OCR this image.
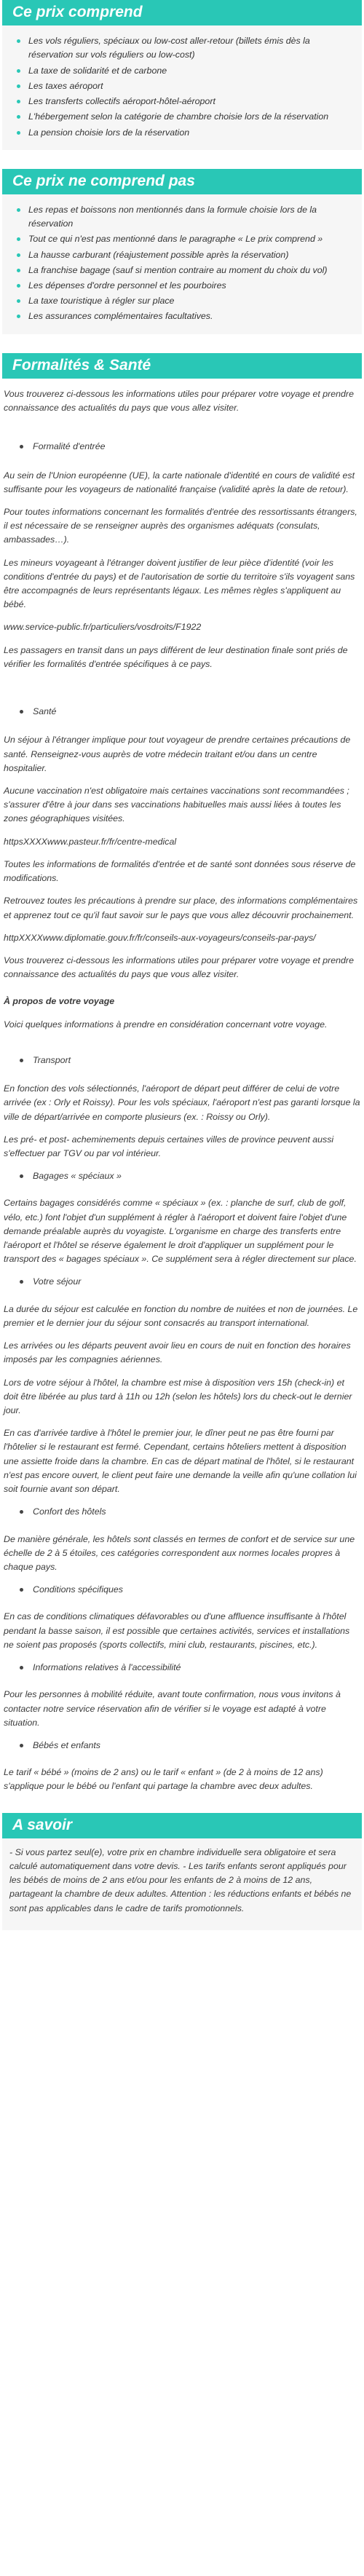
Ce prix comprend
Les vols réguliers, spéciaux ou low-cost aller-retour (billets émis dès la réservation sur vols réguliers ou low-cost)
La taxe de solidarité et de carbone
Les taxes aéroport
Les transferts collectifs aéroport-hôtel-aéroport
L'hébergement selon la catégorie de chambre choisie lors de la réservation
La pension choisie lors de la réservation
Ce prix ne comprend pas
Les repas et boissons non mentionnés dans la formule choisie lors de la réservation
Tout ce qui n'est pas mentionné dans le paragraphe « Le prix comprend »
La hausse carburant (réajustement possible après la réservation)
La franchise bagage (sauf si mention contraire au moment du choix du vol)
Les dépenses d'ordre personnel et les pourboires
La taxe touristique à régler sur place
Les assurances complémentaires facultatives.
Formalités & Santé

Vous trouverez ci-dessous les informations utiles pour préparer votre voyage et prendre connaissance des actualités du pays que vous allez visiter.

Formalité d'entrée

Au sein de l'Union européenne (UE), la carte nationale d'identité en cours de validité est suffisante pour les voyageurs de nationalité française (validité après la date de retour).

Pour toutes informations concernant les formalités d'entrée des ressortissants étrangers, il est nécessaire de se renseigner auprès des organismes adéquats (consulats, ambassades…).

Les mineurs voyageant à l'étranger doivent justifier de leur pièce d'identité (voir les conditions d'entrée du pays) et de l'autorisation de sortie du territoire s'ils voyagent sans être accompagnés de leurs représentants légaux. Les mêmes règles s'appliquent au bébé.

www.service-public.fr/particuliers/vosdroits/F1922

Les passagers en transit dans un pays différent de leur destination finale sont priés de vérifier les formalités d'entrée spécifiques à ce pays.

Santé

Un séjour à l'étranger implique pour tout voyageur de prendre certaines précautions de santé. Renseignez-vous auprès de votre médecin traitant et/ou dans un centre hospitalier.

Aucune vaccination n'est obligatoire mais certaines vaccinations sont recommandées ; s'assurer d'être à jour dans ses vaccinations habituelles mais aussi liées à toutes les zones géographiques visitées.

httpsXXXXwww.pasteur.fr/fr/centre-medical

Toutes les informations de formalités d'entrée et de santé sont données sous réserve de modifications.

Retrouvez toutes les précautions à prendre sur place, des informations complémentaires et apprenez tout ce qu'il faut savoir sur le pays que vous allez découvrir prochainement.

httpXXXXwww.diplomatie.gouv.fr/fr/conseils-aux-voyageurs/conseils-par-pays/

Vous trouverez ci-dessous les informations utiles pour préparer votre voyage et prendre connaissance des actualités du pays que vous allez visiter.

À propos de votre voyage

Voici quelques informations à prendre en considération concernant votre voyage.

Transport

En fonction des vols sélectionnés, l'aéroport de départ peut différer de celui de votre arrivée (ex : Orly et Roissy). Pour les vols spéciaux, l'aéroport n'est pas garanti lorsque la ville de départ/arrivée en comporte plusieurs (ex. : Roissy ou Orly).

Les pré- et post- acheminements depuis certaines villes de province peuvent aussi s'effectuer par TGV ou par vol intérieur.

Bagages « spéciaux »

Certains bagages considérés comme « spéciaux » (ex. : planche de surf, club de golf, vélo, etc.) font l'objet d'un supplément à régler à l'aéroport et doivent faire l'objet d'une demande préalable auprès du voyagiste. L'organisme en charge des transferts entre l'aéroport et l'hôtel se réserve également le droit d'appliquer un supplément pour le transport des « bagages spéciaux ». Ce supplément sera à régler directement sur place.

Votre séjour

La durée du séjour est calculée en fonction du nombre de nuitées et non de journées. Le premier et le dernier jour du séjour sont consacrés au transport international.

Les arrivées ou les départs peuvent avoir lieu en cours de nuit en fonction des horaires imposés par les compagnies aériennes.

Lors de votre séjour à l'hôtel, la chambre est mise à disposition vers 15h (check-in) et doit être libérée au plus tard à 11h ou 12h (selon les hôtels) lors du check-out le dernier jour.

En cas d'arrivée tardive à l'hôtel le premier jour, le dîner peut ne pas être fourni par l'hôtelier si le restaurant est fermé. Cependant, certains hôteliers mettent à disposition une assiette froide dans la chambre. En cas de départ matinal de l'hôtel, si le restaurant n'est pas encore ouvert, le client peut faire une demande la veille afin qu'une collation lui soit fournie avant son départ.

Confort des hôtels

De manière générale, les hôtels sont classés en termes de confort et de service sur une échelle de 2 à 5 étoiles, ces catégories correspondent aux normes locales propres à chaque pays.

Conditions spécifiques

En cas de conditions climatiques défavorables ou d'une affluence insuffisante à l'hôtel pendant la basse saison, il est possible que certaines activités, services et installations ne soient pas proposés (sports collectifs, mini club, restaurants, piscines, etc.).

Informations relatives à l'accessibilité

Pour les personnes à mobilité réduite, avant toute confirmation, nous vous invitons à contacter notre service réservation afin de vérifier si le voyage est adapté à votre situation.

Bébés et enfants

Le tarif « bébé » (moins de 2 ans) ou le tarif « enfant » (de 2 à moins de 12 ans) s'applique pour le bébé ou l'enfant qui partage la chambre avec deux adultes.

A savoir

- Si vous partez seul(e), votre prix en chambre individuelle sera obligatoire et sera calculé automatiquement dans votre devis. - Les tarifs enfants seront appliqués pour les bébés de moins de 2 ans et/ou pour les enfants de 2 à moins de 12 ans, partageant la chambre de deux adultes. Attention : les réductions enfants et bébés ne sont pas applicables dans le cadre de tarifs promotionnels.
